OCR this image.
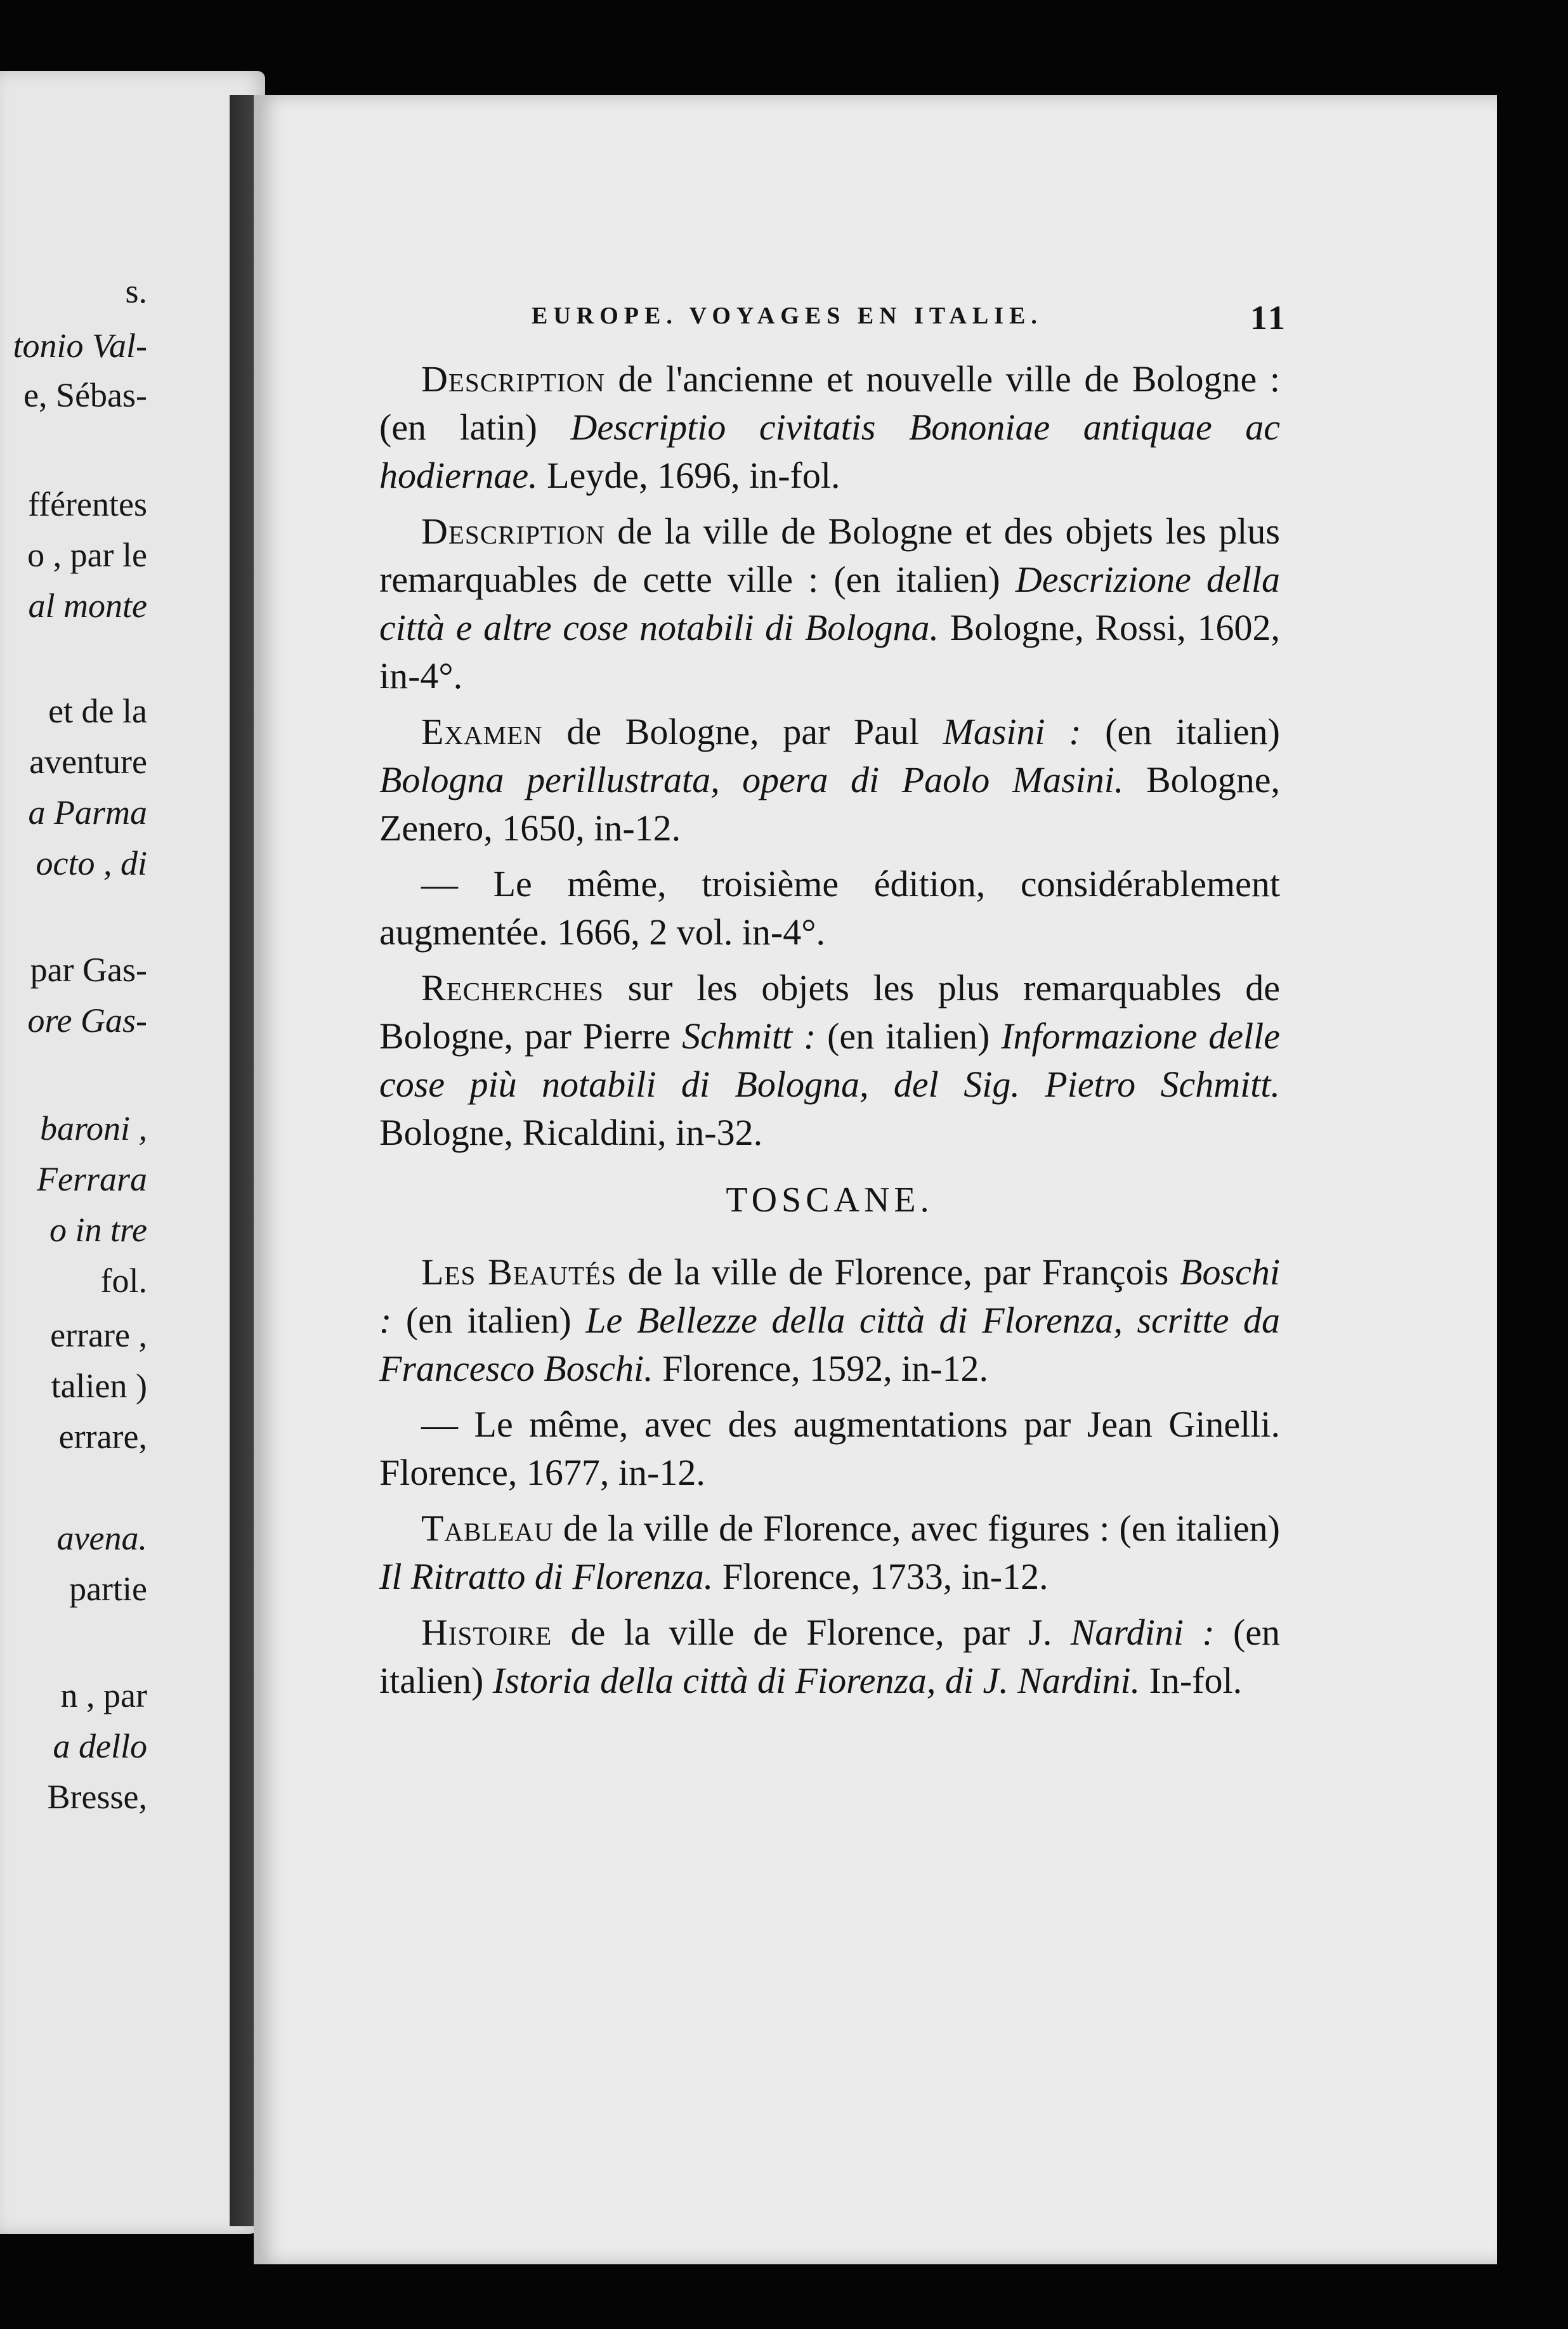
s.
tonio Val-
e, Sébas-
fférentes
o , par le
al monte
et de la
aventure
a Parma
octo , di
par Gas-
ore Gas-
baroni ,
Ferrara
o in tre
fol.
errare ,
talien )
errare,
avena.
partie
n , par
a dello
Bresse,
EUROPE. VOYAGES EN ITALIE.	11

Description de l'ancienne et nouvelle ville de Bologne : (en latin) Descriptio civitatis Bononiae antiquae ac hodiernae. Leyde, 1696, in-fol.

Description de la ville de Bologne et des objets les plus remarquables de cette ville : (en italien) Descrizione della città e altre cose notabili di Bologna. Bologne, Rossi, 1602, in-4°.

Examen de Bologne, par Paul Masini : (en italien) Bologna perillustrata, opera di Paolo Masini. Bologne, Zenero, 1650, in-12.

— Le même, troisième édition, considérablement augmentée. 1666, 2 vol. in-4°.

Recherches sur les objets les plus remarquables de Bologne, par Pierre Schmitt : (en italien) Informazione delle cose più notabili di Bologna, del Sig. Pietro Schmitt. Bologne, Ricaldini, in-32.

TOSCANE.

Les Beautés de la ville de Florence, par François Boschi : (en italien) Le Bellezze della città di Florenza, scritte da Francesco Boschi. Florence, 1592, in-12.

— Le même, avec des augmentations par Jean Ginelli. Florence, 1677, in-12.

Tableau de la ville de Florence, avec figures : (en italien) Il Ritratto di Florenza. Florence, 1733, in-12.

Histoire de la ville de Florence, par J. Nardini : (en italien) Istoria della città di Fiorenza, di J. Nardini. In-fol.
